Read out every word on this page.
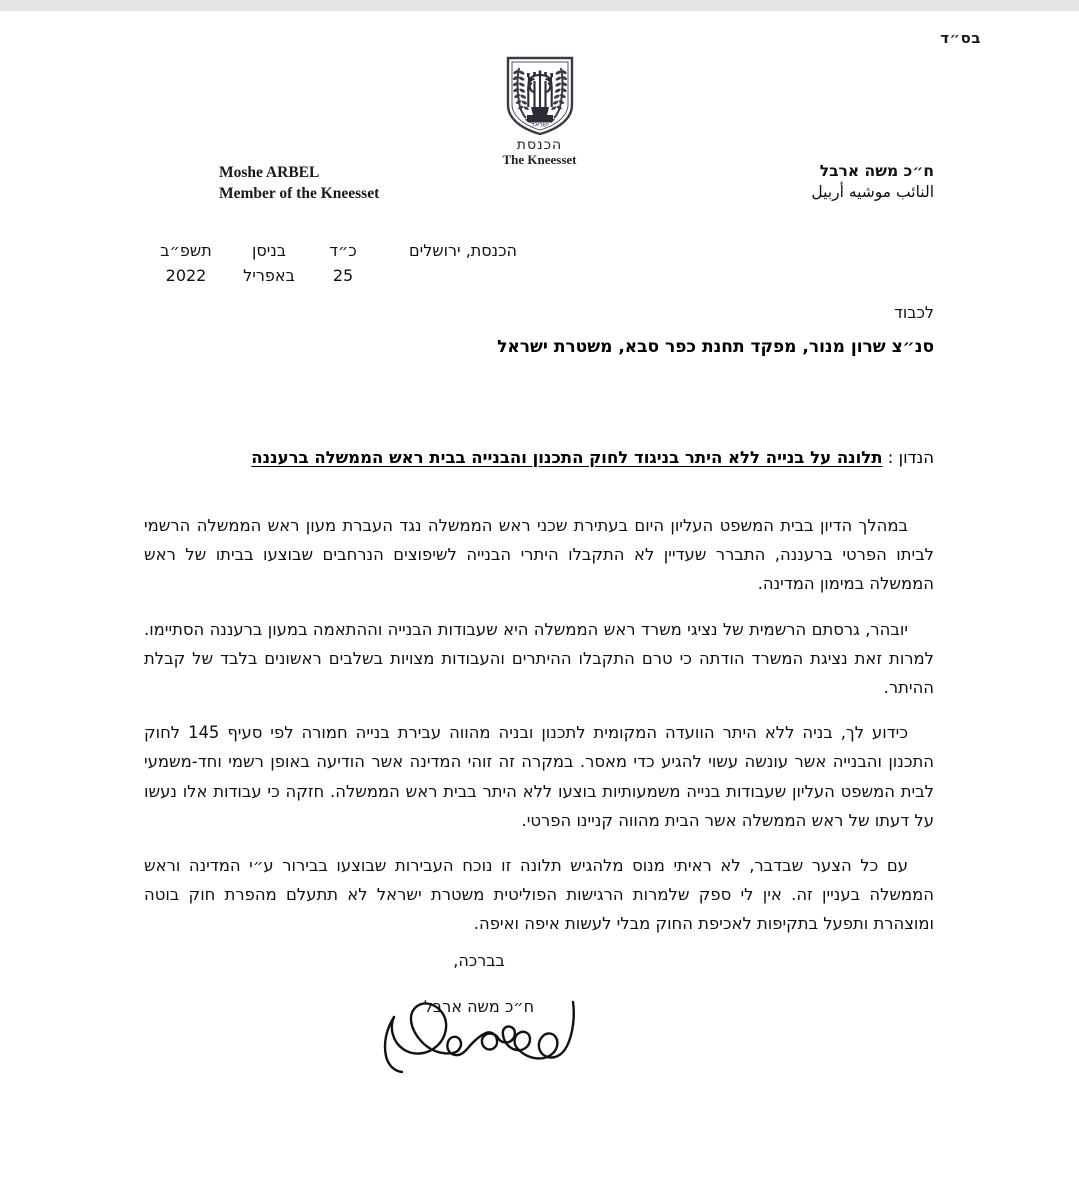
בס״ד
ישראל
הכנסת
The Kneesset
Moshe ARBEL
Member of the Kneesset
ח״כ משה ארבל
النائب موشيه أربيل
הכנסת, ירושלים
כ״ד
בניסן
תשפ״ב
25
באפריל
2022
לכבוד
סנ״צ שרון מנור, מפקד תחנת כפר סבא, משטרת ישראל
הנדון : תלונה על בנייה ללא היתר בניגוד לחוק התכנון והבנייה בבית ראש הממשלה ברעננה

במהלך הדיון בבית המשפט העליון היום בעתירת שכני ראש הממשלה נגד העברת מעון ראש הממשלה הרשמי לביתו הפרטי ברעננה, התברר שעדיין לא התקבלו היתרי הבנייה לשיפוצים הנרחבים שבוצעו בביתו של ראש הממשלה במימון המדינה.

יובהר, גרסתם הרשמית של נציגי משרד ראש הממשלה היא שעבודות הבנייה וההתאמה במעון ברעננה הסתיימו. למרות זאת נציגת המשרד הודתה כי טרם התקבלו ההיתרים והעבודות מצויות בשלבים ראשונים בלבד של קבלת ההיתר.

כידוע לך, בניה ללא היתר הוועדה המקומית לתכנון ובניה מהווה עבירת בנייה חמורה לפי סעיף 145 לחוק התכנון והבנייה אשר עונשה עשוי להגיע כדי מאסר. במקרה זה זוהי המדינה אשר הודיעה באופן רשמי וחד-משמעי לבית המשפט העליון שעבודות בנייה משמעותיות בוצעו ללא היתר בבית ראש הממשלה. חזקה כי עבודות אלו נעשו על דעתו של ראש הממשלה אשר הבית מהווה קניינו הפרטי.

עם כל הצער שבדבר, לא ראיתי מנוס מלהגיש תלונה זו נוכח העבירות שבוצעו בבירור ע״י המדינה וראש הממשלה בעניין זה. אין לי ספק שלמרות הרגישות הפוליטית משטרת ישראל לא תתעלם מהפרת חוק בוטה ומוצהרת ותפעל בתקיפות לאכיפת החוק מבלי לעשות איפה ואיפה.

בברכה,
ח״כ משה ארבל
